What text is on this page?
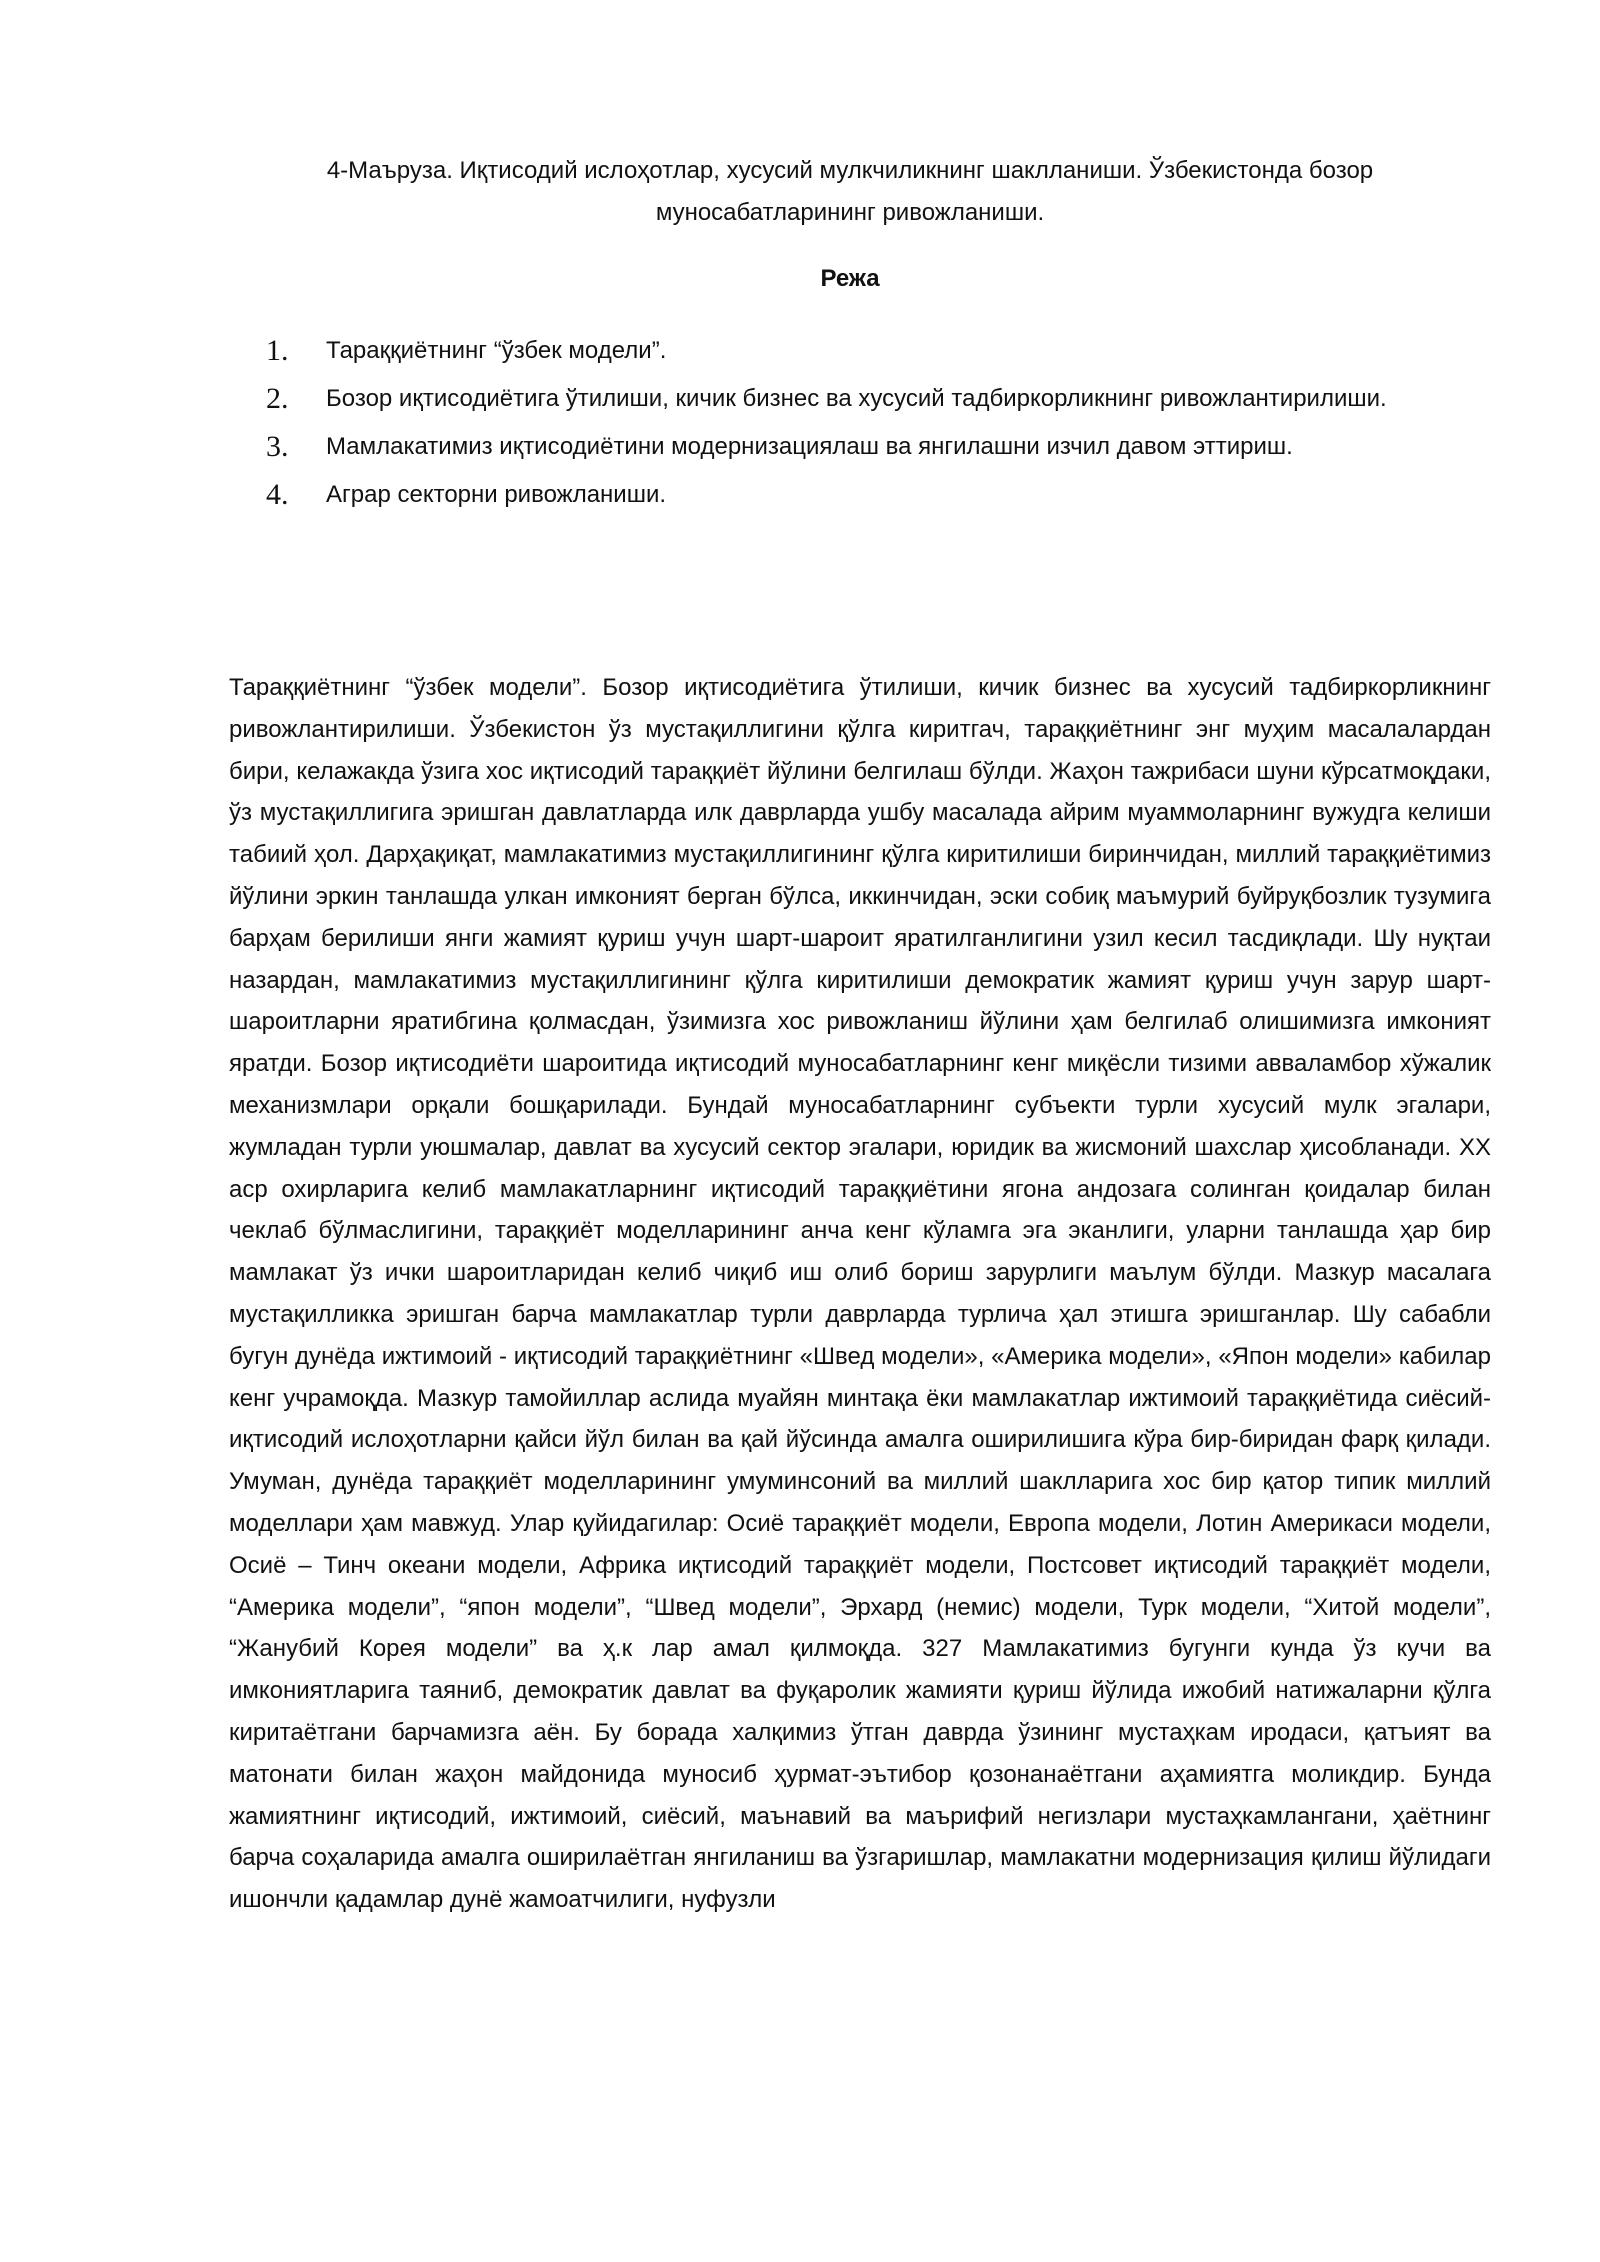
4-Маъруза. Иқтисодий ислоҳотлар, хусусий мулкчиликнинг шаклланиши. Ўзбекистонда бозор муносабатларининг ривожланиши.
Режа
1.	Тараққиётнинг “ўзбек модели”.
2.	Бозор иқтисодиётига ўтилиши, кичик бизнес ва хусусий тадбиркорликнинг ривожлантирилиши.
3.	Мамлакатимиз иқтисодиётини модернизациялаш ва янгилашни изчил давом эттириш.
4.	Аграр секторни ривожланиши.

Тараққиётнинг “ўзбек модели”. Бозор иқтисодиётига ўтилиши, кичик бизнес ва хусусий тадбиркорликнинг ривожлантирилиши. Ўзбекистон ўз мустақиллигини қўлга киритгач, тараққиётнинг энг муҳим масалалардан бири, келажакда ўзига хос иқтисодий тараққиёт йўлини белгилаш бўлди. Жаҳон тажрибаси шуни кўрсатмоқдаки, ўз мустақиллигига эришган давлатларда илк даврларда ушбу масалада айрим муаммоларнинг вужудга келиши табиий ҳол. Дарҳақиқат, мамлакатимиз мустақиллигининг қўлга киритилиши биринчидан, миллий тараққиётимиз йўлини эркин танлашда улкан имконият берган бўлса, иккинчидан, эски собиқ маъмурий буйруқбозлик тузумига барҳам берилиши янги жамият қуриш учун шарт-шароит яратилганлигини узил кесил тасдиқлади. Шу нуқтаи назардан, мамлакатимиз мустақиллигининг қўлга киритилиши демократик жамият қуриш учун зарур шарт-шароитларни яратибгина қолмасдан, ўзимизга хос ривожланиш йўлини ҳам белгилаб олишимизга имконият яратди. Бозор иқтисодиёти шароитида иқтисодий муносабатларнинг кенг миқёсли тизими авваламбор хўжалик механизмлари орқали бошқарилади. Бундай муносабатларнинг субъекти турли хусусий мулк эгалари, жумладан турли уюшмалар, давлат ва хусусий сектор эгалари, юридик ва жисмоний шахслар ҳисобланади. XX аср охирларига келиб мамлакатларнинг иқтисодий тараққиётини ягона андозага солинган қоидалар билан чеклаб бўлмаслигини, тараққиёт моделларининг анча кенг кўламга эга эканлиги, уларни танлашда ҳар бир мамлакат ўз ички шароитларидан келиб чиқиб иш олиб бориш зарурлиги маълум бўлди. Мазкур масалага мустақилликка эришган барча мамлакатлар турли даврларда турлича ҳал этишга эришганлар. Шу сабабли бугун дунёда ижтимоий - иқтисодий тараққиётнинг «Швед модели», «Америка модели», «Япон модели» кабилар кенг учрамоқда. Мазкур тамойиллар аслида муайян минтақа ёки мамлакатлар ижтимоий тараққиётида сиёсий-иқтисодий ислоҳотларни қайси йўл билан ва қай йўсинда амалга оширилишига кўра бир-биридан фарқ қилади. Умуман, дунёда тараққиёт моделларининг умуминсоний ва миллий шаклларига хос бир қатор типик миллий моделлари ҳам мавжуд. Улар қуйидагилар: Осиё тараққиёт модели, Европа модели, Лотин Америкаси модели, Осиё – Тинч океани модели, Африка иқтисодий тараққиёт модели, Постсовет иқтисодий тараққиёт модели, “Америка модели”, “япон модели”, “Швед модели”, Эрхард (немис) модели, Турк модели, “Хитой модели”, “Жанубий Корея модели” ва ҳ.к лар амал қилмоқда. 327 Мамлакатимиз бугунги кунда ўз кучи ва имкониятларига таяниб, демократик давлат ва фуқаролик жамияти қуриш йўлида ижобий натижаларни қўлга киритаётгани барчамизга аён. Бу борада халқимиз ўтган даврда ўзининг мустаҳкам иродаси, қатъият ва матонати билан жаҳон майдонида муносиб ҳурмат-эътибор қозонанаётгани аҳамиятга моликдир. Бунда жамиятнинг иқтисодий, ижтимоий, сиёсий, маънавий ва маърифий негизлари мустаҳкамлангани, ҳаётнинг барча соҳаларида амалга оширилаётган янгиланиш ва ўзгаришлар, мамлакатни модернизация қилиш йўлидаги ишончли қадамлар дунё жамоатчилиги, нуфузли
